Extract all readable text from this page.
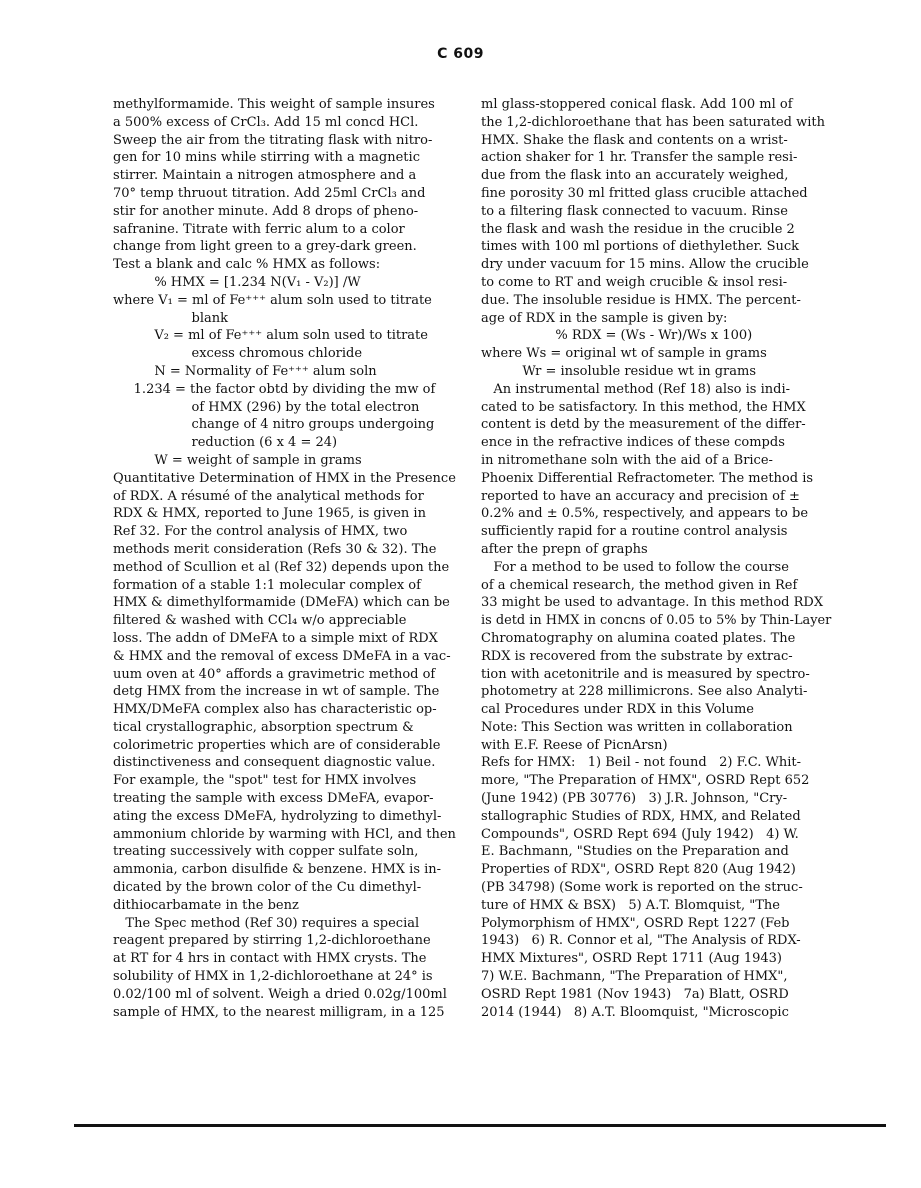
C 609
methylformamide. This weight of sample insures
a 500% excess of CrCl₃. Add 15 ml concd HCl.
Sweep the air from the titrating flask with nitro-
gen for 10 mins while stirring with a magnetic
stirrer. Maintain a nitrogen atmosphere and a
70° temp thruout titration. Add 25ml CrCl₃ and
stir for another minute. Add 8 drops of pheno-
safranine. Titrate with ferric alum to a color
change from light green to a grey-dark green.
Test a blank and calc % HMX as follows:
% HMX = [1.234 N(V₁ - V₂)] /W
where V₁ = ml of Fe⁺⁺⁺ alum soln used to titrate
blank
V₂ = ml of Fe⁺⁺⁺ alum soln used to titrate
excess chromous chloride
N = Normality of Fe⁺⁺⁺ alum soln
1.234 = the factor obtd by dividing the mw of
of HMX (296) by the total electron
change of 4 nitro groups undergoing
reduction (6 x 4 = 24)
W = weight of sample in grams
Quantitative Determination of HMX in the Presence
of RDX. A résumé of the analytical methods for
RDX & HMX, reported to June 1965, is given in
Ref 32. For the control analysis of HMX, two
methods merit consideration (Refs 30 & 32). The
method of Scullion et al (Ref 32) depends upon the
formation of a stable 1:1 molecular complex of
HMX & dimethylformamide (DMeFA) which can be
filtered & washed with CCl₄ w/o appreciable
loss. The addn of DMeFA to a simple mixt of RDX
& HMX and the removal of excess DMeFA in a vac-
uum oven at 40° affords a gravimetric method of
detg HMX from the increase in wt of sample. The
HMX/DMeFA complex also has characteristic op-
tical crystallographic, absorption spectrum &
colorimetric properties which are of considerable
distinctiveness and consequent diagnostic value.
For example, the "spot" test for HMX involves
treating the sample with excess DMeFA, evapor-
ating the excess DMeFA, hydrolyzing to dimethyl-
ammonium chloride by warming with HCl, and then
treating successively with copper sulfate soln,
ammonia, carbon disulfide & benzene. HMX is in-
dicated by the brown color of the Cu dimethyl-
dithiocarbamate in the benz
The Spec method (Ref 30) requires a special
reagent prepared by stirring 1,2-dichloroethane
at RT for 4 hrs in contact with HMX crysts. The
solubility of HMX in 1,2-dichloroethane at 24° is
0.02/100 ml of solvent. Weigh a dried 0.02g/100ml
sample of HMX, to the nearest milligram, in a 125
ml glass-stoppered conical flask. Add 100 ml of
the 1,2-dichloroethane that has been saturated with
HMX. Shake the flask and contents on a wrist-
action shaker for 1 hr. Transfer the sample resi-
due from the flask into an accurately weighed,
fine porosity 30 ml fritted glass crucible attached
to a filtering flask connected to vacuum. Rinse
the flask and wash the residue in the crucible 2
times with 100 ml portions of diethylether. Suck
dry under vacuum for 15 mins. Allow the crucible
to come to RT and weigh crucible & insol resi-
due. The insoluble residue is HMX. The percent-
age of RDX in the sample is given by:
% RDX = (Ws - Wr)/Ws x 100)
where Ws = original wt of sample in grams
Wr = insoluble residue wt in grams
An instrumental method (Ref 18) also is indi-
cated to be satisfactory. In this method, the HMX
content is detd by the measurement of the differ-
ence in the refractive indices of these compds
in nitromethane soln with the aid of a Brice-
Phoenix Differential Refractometer. The method is
reported to have an accuracy and precision of ±
0.2% and ± 0.5%, respectively, and appears to be
sufficiently rapid for a routine control analysis
after the prepn of graphs
For a method to be used to follow the course
of a chemical research, the method given in Ref
33 might be used to advantage. In this method RDX
is detd in HMX in concns of 0.05 to 5% by Thin-Layer
Chromatography on alumina coated plates. The
RDX is recovered from the substrate by extrac-
tion with acetonitrile and is measured by spectro-
photometry at 228 millimicrons. See also Analyti-
cal Procedures under RDX in this Volume
Note: This Section was written in collaboration
with E.F. Reese of PicnArsn)
Refs for HMX:   1) Beil - not found   2) F.C. Whit-
more, "The Preparation of HMX", OSRD Rept 652
(June 1942) (PB 30776)   3) J.R. Johnson, "Cry-
stallographic Studies of RDX, HMX, and Related
Compounds", OSRD Rept 694 (July 1942)   4) W.
E. Bachmann, "Studies on the Preparation and
Properties of RDX", OSRD Rept 820 (Aug 1942)
(PB 34798) (Some work is reported on the struc-
ture of HMX & BSX)   5) A.T. Blomquist, "The
Polymorphism of HMX", OSRD Rept 1227 (Feb
1943)   6) R. Connor et al, "The Analysis of RDX-
HMX Mixtures", OSRD Rept 1711 (Aug 1943)
7) W.E. Bachmann, "The Preparation of HMX",
OSRD Rept 1981 (Nov 1943)   7a) Blatt, OSRD
2014 (1944)   8) A.T. Bloomquist, "Microscopic
